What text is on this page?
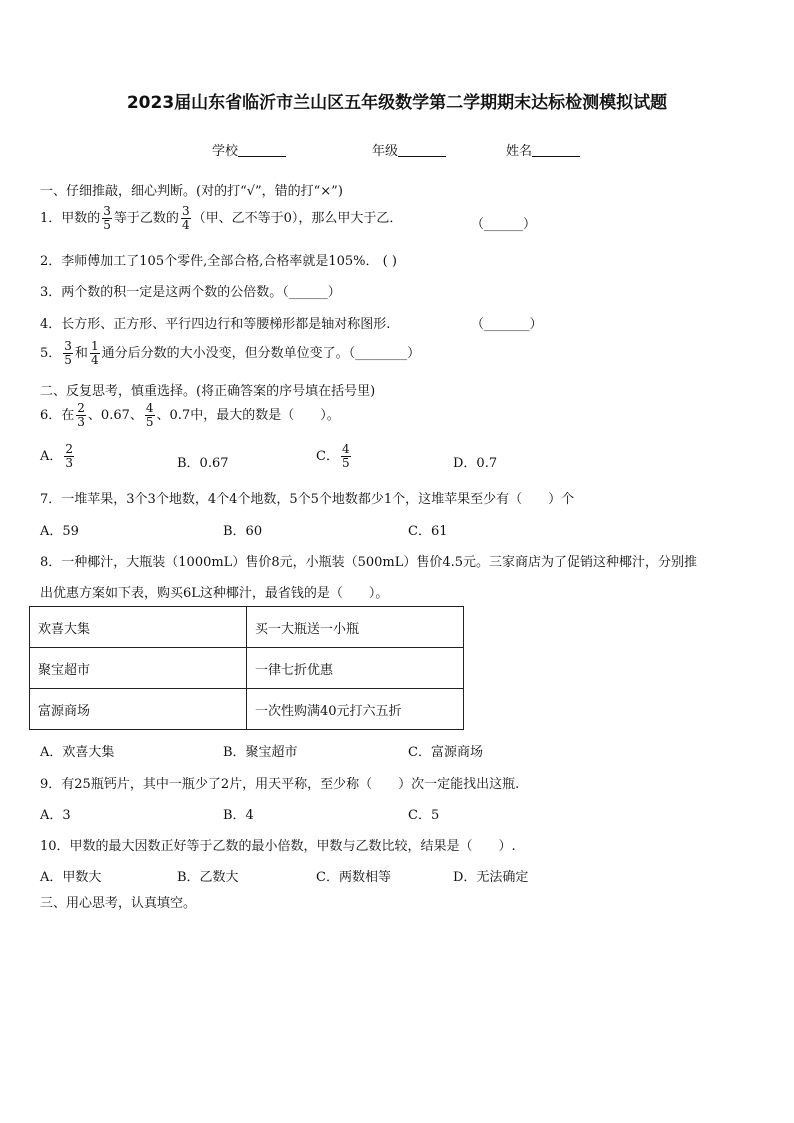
2023届山东省临沂市兰山区五年级数学第二学期期末达标检测模拟试题
学校	年级	姓名
一、仔细推敲，细心判断。(对的打“√”，错的打“×”)
1．甲数的 $\frac{3}{5}$ 等于乙数的 $\frac{3}{4}$ （甲、乙不等于0），那么甲大于乙．	（______）
2．李师傅加工了105个零件,全部合格,合格率就是105%． ( )
3．两个数的积一定是这两个数的公倍数。（______）
4．长方形、正方形、平行四边行和等腰梯形都是轴对称图形.	（_______）
5． $\frac{3}{5}$ 和 $\frac{1}{4}$ 通分后分数的大小没变，但分数单位变了。（________）
二、反复思考，慎重选择。(将正确答案的序号填在括号里)
6．在 $\frac{2}{3}$ 、0.67、 $\frac{4}{5}$ 、0.7中，最大的数是（　　）。
A． $\frac{2}{3}$	B．0.67	C． $\frac{4}{5}$	D．0.7
7．一堆苹果，3个3个地数，4个4个地数，5个5个地数都少1个，这堆苹果至少有（　　）个
A．59	B．60	C．61
8．一种椰汁，大瓶装（1000mL）售价8元，小瓶装（500mL）售价4.5元。三家商店为了促销这种椰汁，分别推
出优惠方案如下表，购买6L这种椰汁，最省钱的是（　　）。
欢喜大集	买一大瓶送一小瓶
聚宝超市	一律七折优惠
富源商场	一次性购满40元打六五折
A．欢喜大集	B．聚宝超市	C．富源商场
9．有25瓶钙片，其中一瓶少了2片，用天平称，至少称（　　）次一定能找出这瓶.
A．3	B．4	C．5
10．甲数的最大因数正好等于乙数的最小倍数，甲数与乙数比较，结果是（　　）.
A．甲数大	B．乙数大	C．两数相等	D．无法确定
三、用心思考，认真填空。
